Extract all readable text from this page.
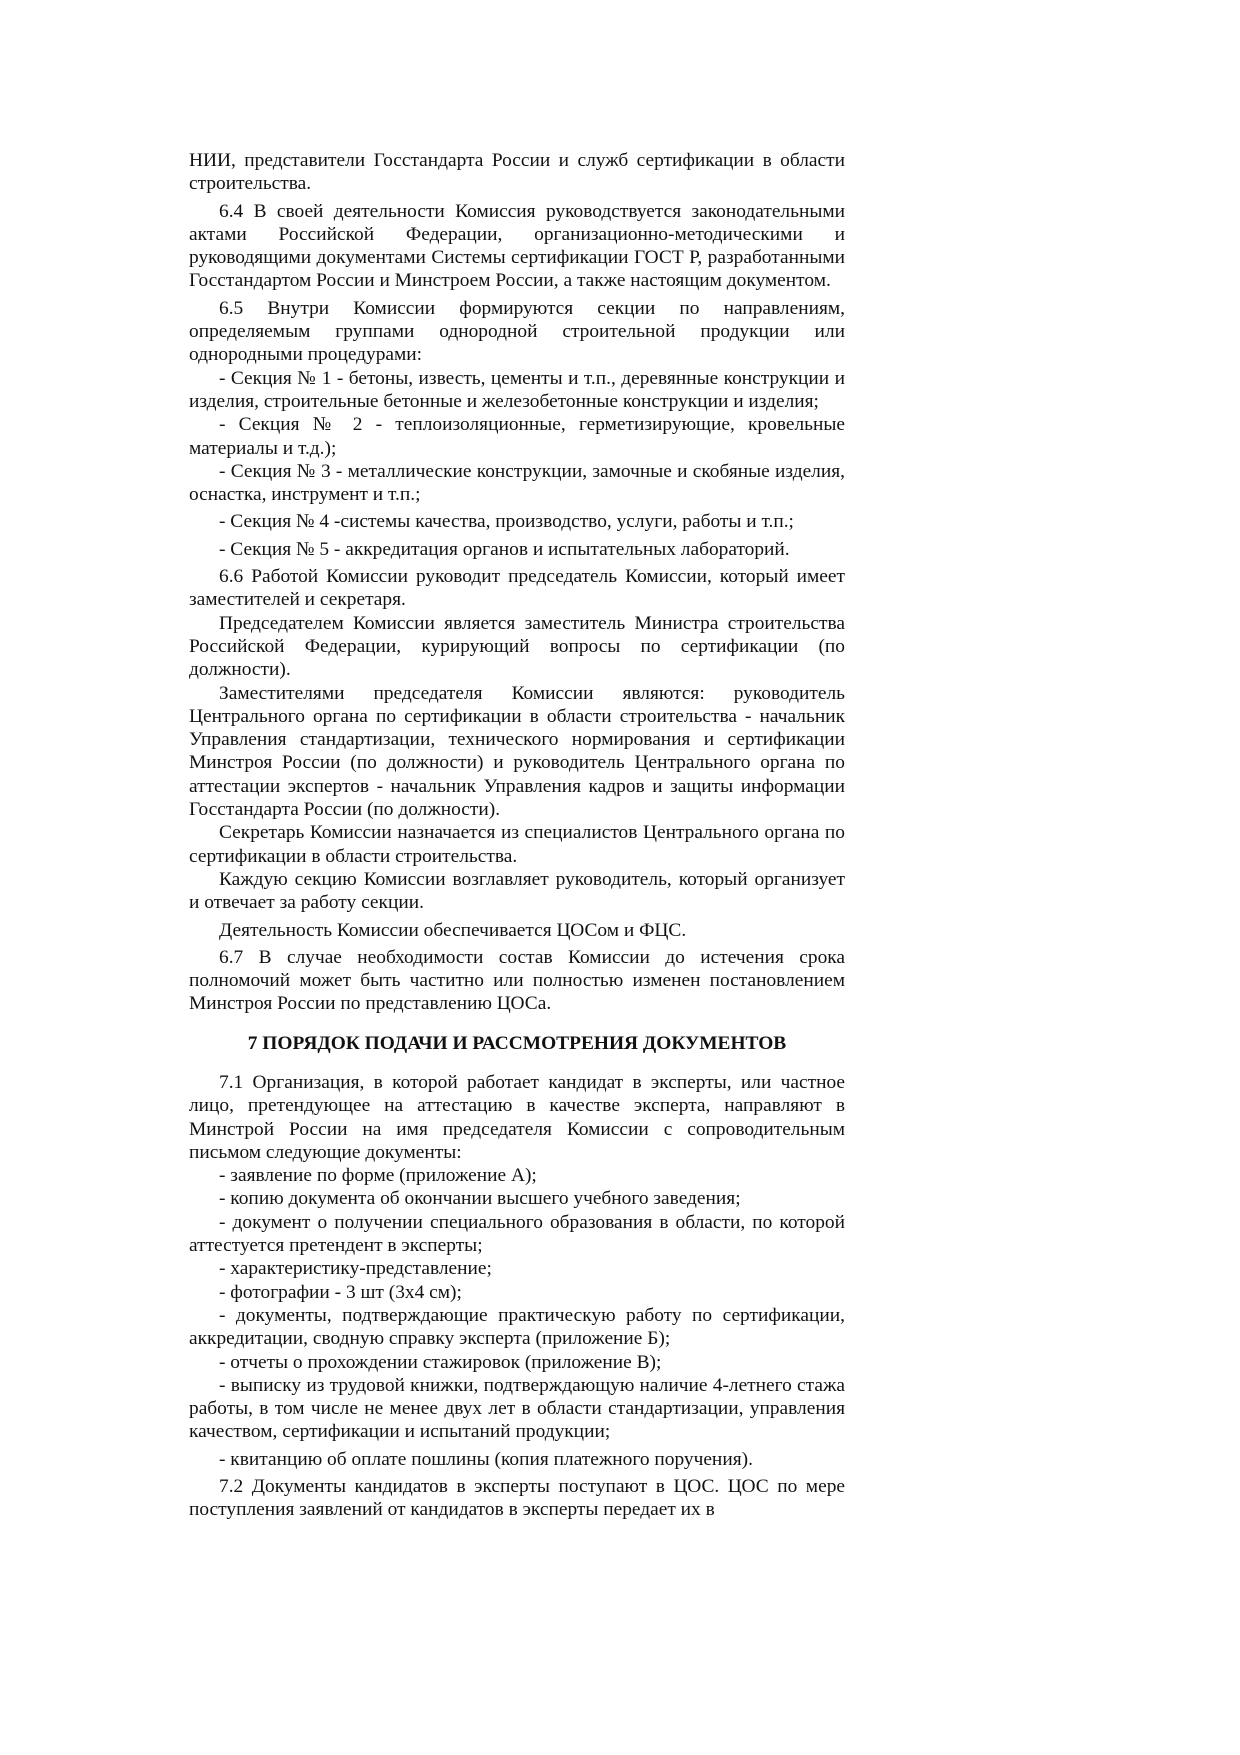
НИИ, представители Госстандарта России и служб сертификации в области строительства.

6.4 В своей деятельности Комиссия руководствуется законодательными актами Российской Федерации, организационно-методическими и руководящими документами Системы сертификации ГОСТ Р, разработанными Госстандартом России и Минстроем России, а также настоящим документом.

6.5 Внутри Комиссии формируются секции по направлениям, определяемым группами однородной строительной продукции или однородными процедурами:

- Секция № 1 - бетоны, известь, цементы и т.п., деревянные конструкции и изделия, строительные бетонные и железобетонные конструкции и изделия;

- Секция № 2 - теплоизоляционные, герметизирующие, кровельные материалы и т.д.);

- Секция № 3 - металлические конструкции, замочные и скобяные изделия, оснастка, инструмент и т.п.;

- Секция № 4 -системы качества, производство, услуги, работы и т.п.;

- Секция № 5 - аккредитация органов и испытательных лабораторий.

6.6 Работой Комиссии руководит председатель Комиссии, который имеет заместителей и секретаря.

Председателем Комиссии является заместитель Министра строительства Российской Федерации, курирующий вопросы по сертификации (по должности).

Заместителями председателя Комиссии являются: руководитель Центрального органа по сертификации в области строительства - начальник Управления стандартизации, технического нормирования и сертификации Минстроя России (по должности) и руководитель Центрального органа по аттестации экспертов - начальник Управления кадров и защиты информации Госстандарта России (по должности).

Секретарь Комиссии назначается из специалистов Центрального органа по сертификации в области строительства.

Каждую секцию Комиссии возглавляет руководитель, который организует и отвечает за работу секции.

Деятельность Комиссии обеспечивается ЦОСом и ФЦС.

6.7 В случае необходимости состав Комиссии до истечения срока полномочий может быть частитно или полностью изменен постановлением Минстроя России по представлению ЦОСа.

7 ПОРЯДОК ПОДАЧИ И РАССМОТРЕНИЯ ДОКУМЕНТОВ

7.1 Организация, в которой работает кандидат в эксперты, или частное лицо, претендующее на аттестацию в качестве эксперта, направляют в Минстрой России на имя председателя Комиссии с сопроводительным письмом следующие документы:

- заявление по форме (приложение А);

- копию документа об окончании высшего учебного заведения;

- документ о получении специального образования в области, по которой аттестуется претендент в эксперты;

- характеристику-представление;

- фотографии - 3 шт (3х4 см);

- документы, подтверждающие практическую работу по сертификации, аккредитации, сводную справку эксперта (приложение Б);

- отчеты о прохождении стажировок (приложение В);

- выписку из трудовой книжки, подтверждающую наличие 4-летнего стажа работы, в том числе не менее двух лет в области стандартизации, управления качеством, сертификации и испытаний продукции;

- квитанцию об оплате пошлины (копия платежного поручения).

7.2 Документы кандидатов в эксперты поступают в ЦОС. ЦОС по мере поступления заявлений от кандидатов в эксперты передает их в
